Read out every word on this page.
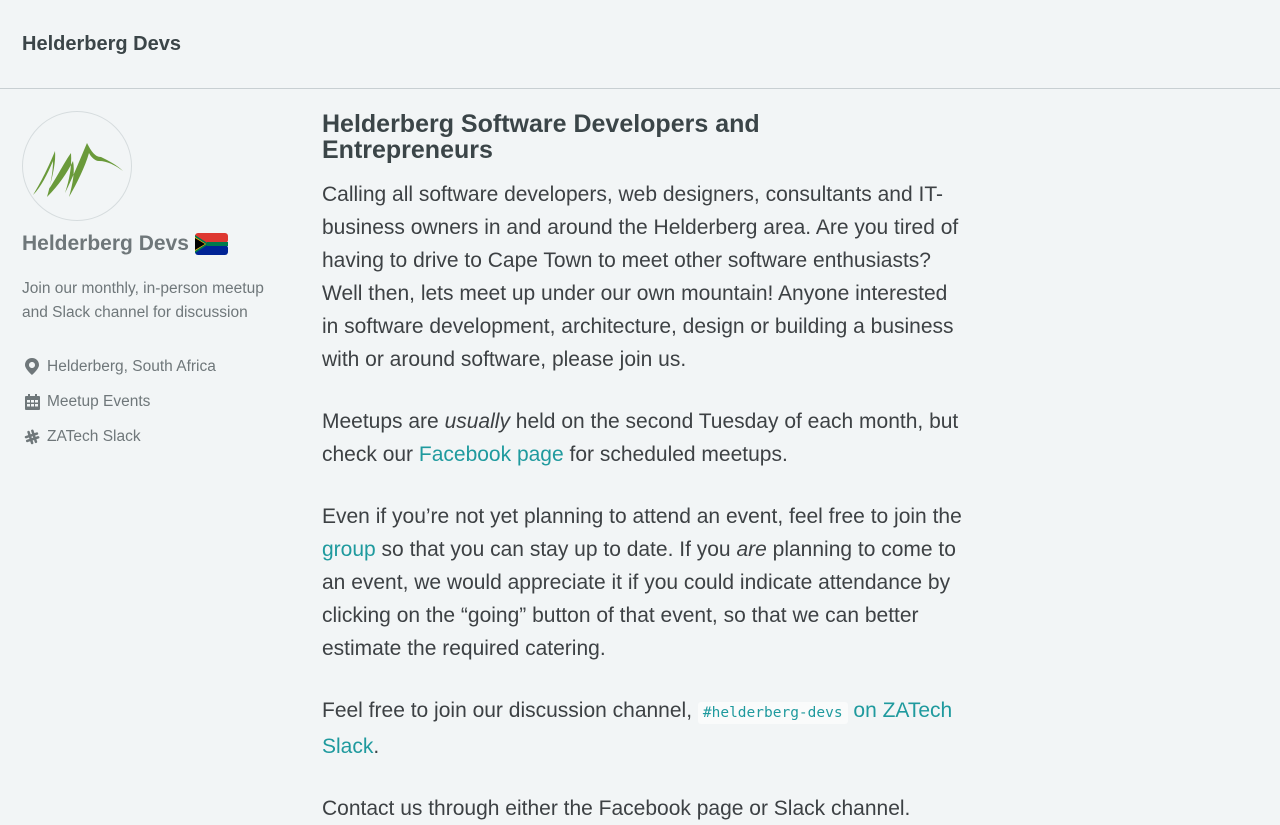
Helderberg Devs
Helderberg Devs
Join our monthly, in-person meetup and Slack channel for discussion
Helderberg, South Africa
Meetup Events
ZATech Slack
Helderberg Software Developers and Entrepreneurs

Calling all software developers, web designers, consultants and IT-business owners in and around the Helderberg area. Are you tired of having to drive to Cape Town to meet other software enthusiasts? Well then, lets meet up under our own mountain! Anyone interested in software development, architecture, design or building a business with or around software, please join us.

Meetups are usually held on the second Tuesday of each month, but check our Facebook page for scheduled meetups.

Even if you’re not yet planning to attend an event, feel free to join the group so that you can stay up to date. If you are planning to come to an event, we would appreciate it if you could indicate attendance by clicking on the “going” button of that event, so that we can better estimate the required catering.

Feel free to join our discussion channel, #helderberg-devs on ZATech Slack.

Contact us through either the Facebook page or Slack channel.
